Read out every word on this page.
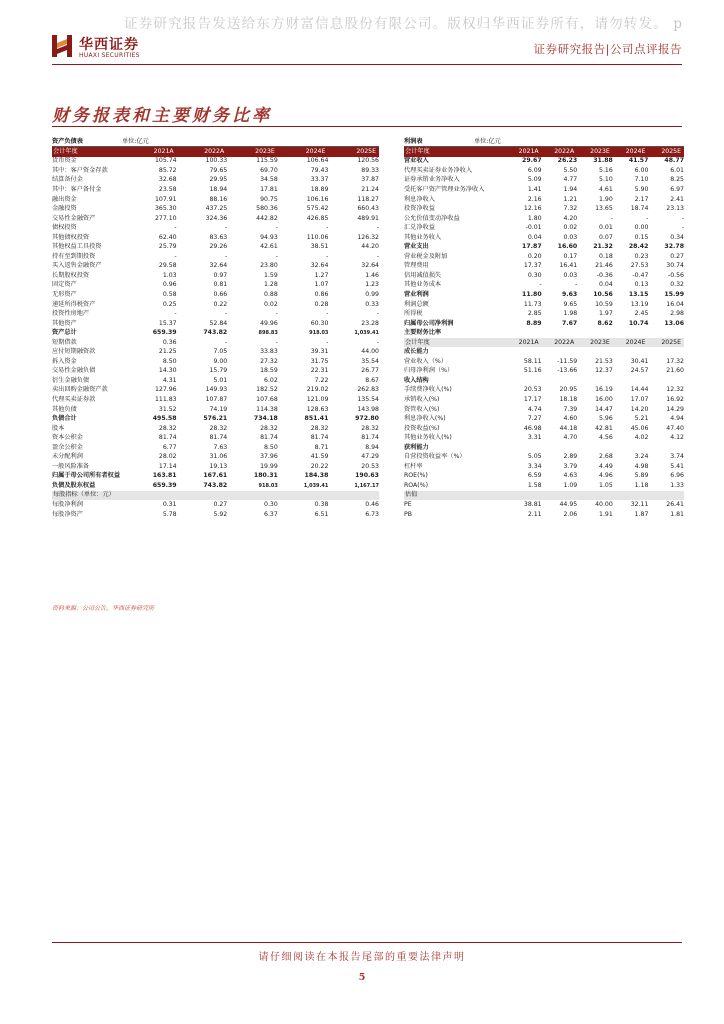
证券研究报告发送给东方财富信息股份有限公司。版权归华西证券所有，请勿转发。 p
华西证券
HUAXI SECURITIES	证券研究报告|公司点评报告
财务报表和主要财务比率
资产负债表	单位:亿元
会计年度	2021A	2022A	2023E	2024E	2025E
货币资金	105.74	100.33	115.59	106.64	120.56
其中：客户资金存款	85.72	79.65	69.70	79.43	89.33
结算备付金	32.68	29.95	34.58	33.37	37.87
其中：客户备付金	23.58	18.94	17.81	18.89	21.24
融出资金	107.91	88.16	90.75	106.16	118.27
金融投资	365.30	437.25	580.36	575.42	660.43
交易性金融资产	277.10	324.36	442.82	426.85	489.91
债权投资	-	-	-	-	-
其他债权投资	62.40	83.63	94.93	110.06	126.32
其他权益工具投资	25.79	29.26	42.61	38.51	44.20
持有至到期投资	-	-	-	-	-
买入返售金融资产	29.58	32.64	23.80	32.64	32.64
长期股权投资	1.03	0.97	1.59	1.27	1.46
固定资产	0.96	0.81	1.28	1.07	1.23
无形资产	0.58	0.66	0.88	0.86	0.99
递延所得税资产	0.25	0.22	0.02	0.28	0.33
投资性房地产	-	-	-	-	-
其他资产	15.37	52.84	49.96	60.30	23.28
资产总计	659.39	743.82	898.83	918.03	1,039.41
短期借款	0.36	-	-	-	-
应付短期融资款	21.25	7.05	33.83	39.31	44.00
拆入资金	8.50	9.00	27.32	31.75	35.54
交易性金融负债	14.30	15.79	18.59	22.31	26.77
衍生金融负债	4.31	5.01	6.02	7.22	8.67
卖出回购金融资产款	127.96	149.93	182.52	219.02	262.83
代理买卖证券款	111.83	107.87	107.68	121.09	135.54
其他负债	31.52	74.19	114.38	128.63	143.98
负债合计	495.58	576.21	734.18	851.41	972.80
股本	28.32	28.32	28.32	28.32	28.32
资本公积金	81.74	81.74	81.74	81.74	81.74
盈余公积金	6.77	7.63	8.50	8.71	8.94
未分配利润	28.02	31.06	37.96	41.59	47.29
一般风险准备	17.14	19.13	19.99	20.22	20.53
归属于母公司所有者权益	163.81	167.61	180.31	184.38	190.63
负债及股东权益	659.39	743.82	918.03	1,039.41	1,167.17
每股指标（单位：元）
每股净利润	0.31	0.27	0.30	0.38	0.46
每股净资产	5.78	5.92	6.37	6.51	6.73
利润表	单位:亿元
会计年度	2021A	2022A	2023E	2024E	2025E
营业收入	29.67	26.23	31.88	41.57	48.77
代理买卖证券业务净收入	6.09	5.50	5.16	6.00	6.01
证券承销业务净收入	5.09	4.77	5.10	7.10	8.25
受托客户资产管理业务净收入	1.41	1.94	4.61	5.90	6.97
利息净收入	2.16	1.21	1.90	2.17	2.41
投资净收益	12.16	7.32	13.65	18.74	23.13
公允价值变动净收益	1.80	4.20	-	-	-
汇兑净收益	-0.01	0.02	0.01	0.00	-
其他业务收入	0.04	0.03	0.07	0.15	0.34
营业支出	17.87	16.60	21.32	28.42	32.78
营业税金及附加	0.20	0.17	0.18	0.23	0.27
管理费用	17.37	16.41	21.46	27.53	30.74
信用减值损失	0.30	0.03	-0.36	-0.47	-0.56
其他业务成本	-	-	0.04	0.13	0.32
营业利润	11.80	9.63	10.56	13.15	15.99
利润总额	11.73	9.65	10.59	13.19	16.04
所得税	2.85	1.98	1.97	2.45	2.98
归属母公司净利润	8.89	7.67	8.62	10.74	13.06
主要财务比率
会计年度	2021A	2022A	2023E	2024E	2025E
成长能力
营业收入（%）	58.11	-11.59	21.53	30.41	17.32
归母净利润（%）	51.16	-13.66	12.37	24.57	21.60
收入结构
手续费净收入(%)	20.53	20.95	16.19	14.44	12.32
承销收入(%)	17.17	18.18	16.00	17.07	16.92
资管收入(%)	4.74	7.39	14.47	14.20	14.29
利息净收入(%)	7.27	4.60	5.96	5.21	4.94
投资收益(%)	46.98	44.18	42.81	45.06	47.40
其他业务收入(%)	3.31	4.70	4.56	4.02	4.12
获利能力
自营投资收益率（%）	5.05	2.89	2.68	3.24	3.74
杠杆率	3.34	3.79	4.49	4.98	5.41
ROE(%)	6.59	4.63	4.96	5.89	6.96
ROA(%)	1.58	1.09	1.05	1.18	1.33
估值
PE	38.81	44.95	40.00	32.11	26.41
PB	2.11	2.06	1.91	1.87	1.81
资料来源：公司公告，华西证券研究所
请仔细阅读在本报告尾部的重要法律声明
5
